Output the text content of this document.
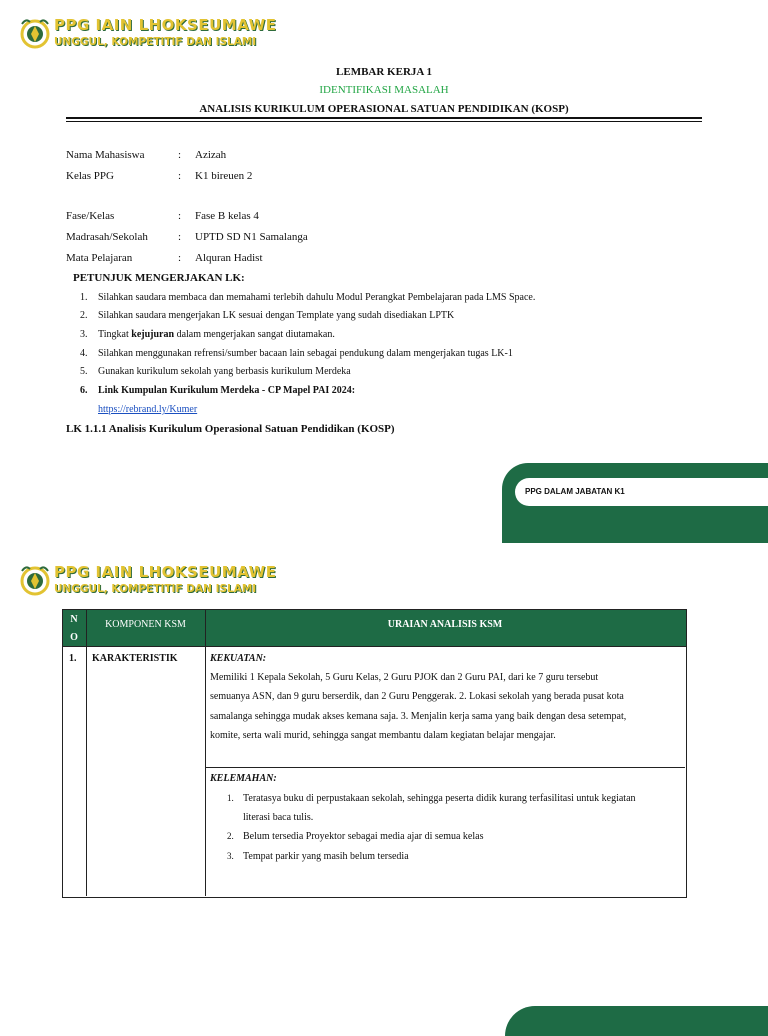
PPG IAIN LHOKSEUMAWE
UNGGUL, KOMPETITIF DAN ISLAMI
LEMBAR KERJA 1
IDENTIFIKASI MASALAH
ANALISIS KURIKULUM OPERASIONAL SATUAN PENDIDIKAN (KOSP)
Nama Mahasiswa	: Azizah
Kelas PPG	: K1 bireuen 2
Fase/Kelas	: Fase B kelas 4
Madrasah/Sekolah	: UPTD SD N1 Samalanga
Mata Pelajaran	: Alquran Hadist
PETUNJUK MENGERJAKAN LK:
1. Silahkan saudara membaca dan memahami terlebih dahulu Modul Perangkat Pembelajaran pada LMS Space.
2. Silahkan saudara mengerjakan LK sesuai dengan Template yang sudah disediakan LPTK
3. Tingkat kejujuran dalam mengerjakan sangat diutamakan.
4. Silahkan menggunakan refrensi/sumber bacaan lain sebagai pendukung dalam mengerjakan tugas LK-1
5. Gunakan kurikulum sekolah yang berbasis kurikulum Merdeka
6. Link Kumpulan Kurikulum Merdeka - CP Mapel PAI 2024:
https://rebrand.ly/Kumer
LK 1.1.1 Analisis Kurikulum Operasional Satuan Pendidikan (KOSP)
PPG DALAM JABATAN K1
PPG IAIN LHOKSEUMAWE
UNGGUL, KOMPETITIF DAN ISLAMI
N
O
KOMPONEN KSM	URAIAN ANALISIS KSM
1. KARAKTERISTIK	KEKUATAN:
Memiliki 1 Kepala Sekolah, 5 Guru Kelas, 2 Guru PJOK dan 2 Guru PAI, dari ke 7 guru tersebut
semuanya ASN, dan 9 guru berserdik, dan 2 Guru Penggerak. 2. Lokasi sekolah yang berada pusat kota
samalanga sehingga mudak akses kemana saja. 3. Menjalin kerja sama yang baik dengan desa setempat,
komite, serta wali murid, sehingga sangat membantu dalam kegiatan belajar mengajar.
KELEMAHAN:
1. Teratasya buku di perpustakaan sekolah, sehingga peserta didik kurang terfasilitasi untuk kegiatan
literasi baca tulis.
2. Belum tersedia Proyektor sebagai media ajar di semua kelas
3. Tempat parkir yang masih belum tersedia
